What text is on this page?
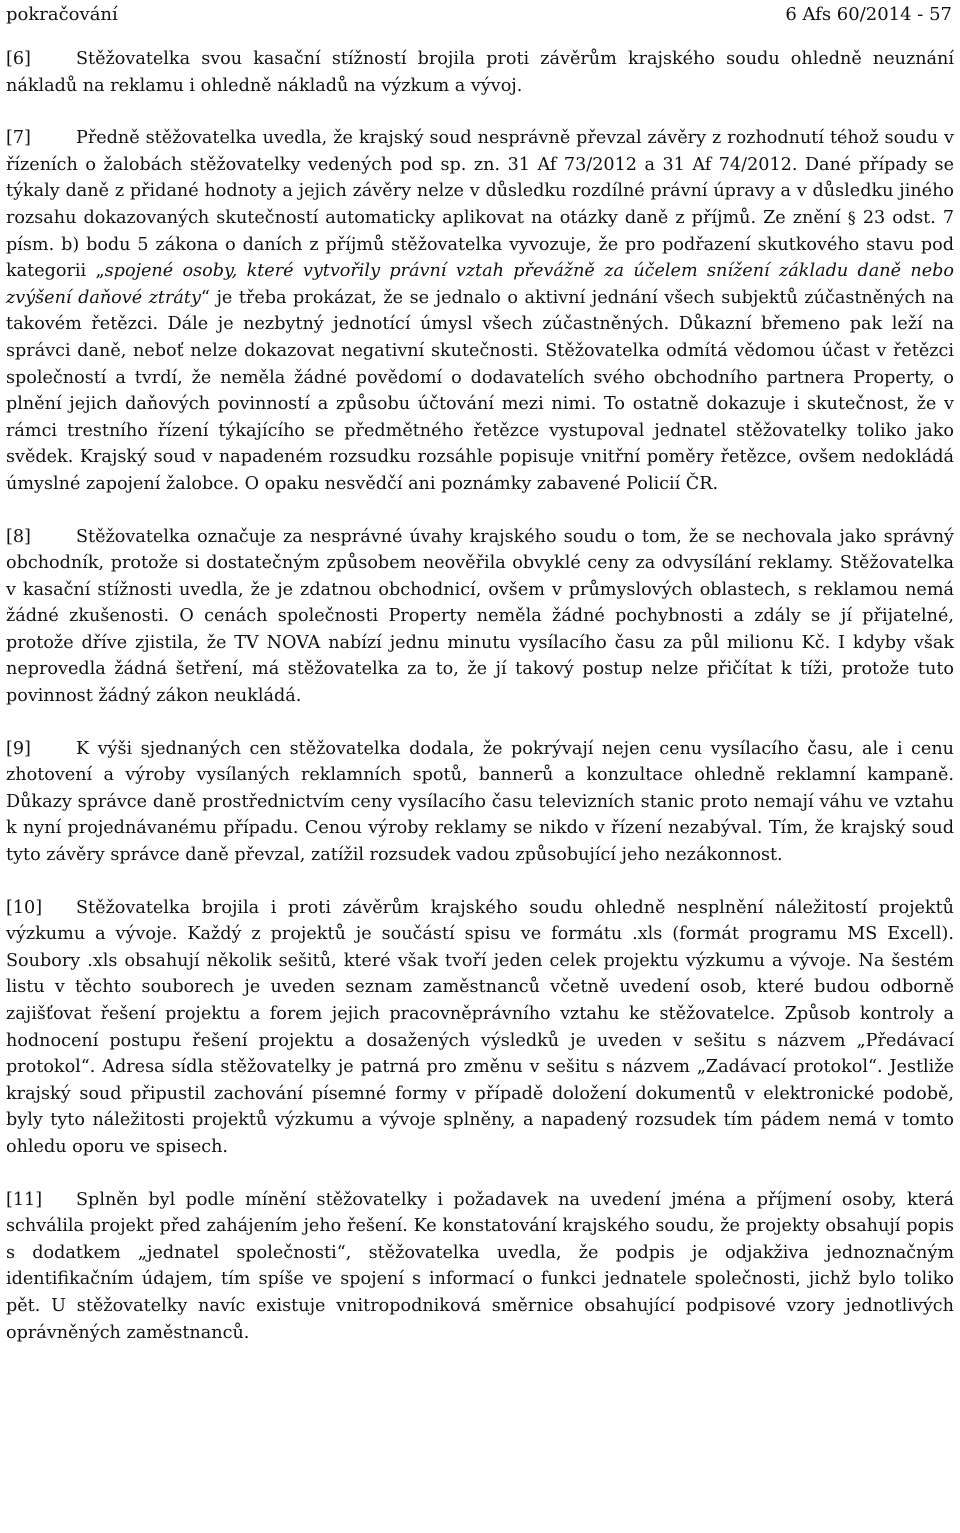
pokračování	6 Afs 60/2014 - 57

[6]	Stěžovatelka svou kasační stížností brojila proti závěrům krajského soudu ohledně neuznání nákladů na reklamu i ohledně nákladů na výzkum a vývoj.

[7]	Předně stěžovatelka uvedla, že krajský soud nesprávně převzal závěry z rozhodnutí téhož soudu v řízeních o žalobách stěžovatelky vedených pod sp. zn. 31 Af 73/2012 a 31 Af 74/2012. Dané případy se týkaly daně z přidané hodnoty a jejich závěry nelze v důsledku rozdílné právní úpravy a v důsledku jiného rozsahu dokazovaných skutečností automaticky aplikovat na otázky daně z příjmů. Ze znění § 23 odst. 7 písm. b) bodu 5 zákona o daních z příjmů stěžovatelka vyvozuje, že pro podřazení skutkového stavu pod kategorii „spojené osoby, které vytvořily právní vztah převážně za účelem snížení základu daně nebo zvýšení daňové ztráty“ je třeba prokázat, že se jednalo o aktivní jednání všech subjektů zúčastněných na takovém řetězci. Dále je nezbytný jednotící úmysl všech zúčastněných. Důkazní břemeno pak leží na správci daně, neboť nelze dokazovat negativní skutečnosti. Stěžovatelka odmítá vědomou účast v řetězci společností a tvrdí, že neměla žádné povědomí o dodavatelích svého obchodního partnera Property, o plnění jejich daňových povinností a způsobu účtování mezi nimi. To ostatně dokazuje i skutečnost, že v rámci trestního řízení týkajícího se předmětného řetězce vystupoval jednatel stěžovatelky toliko jako svědek. Krajský soud v napadeném rozsudku rozsáhle popisuje vnitřní poměry řetězce, ovšem nedokládá úmyslné zapojení žalobce. O opaku nesvědčí ani poznámky zabavené Policií ČR.

[8]	Stěžovatelka označuje za nesprávné úvahy krajského soudu o tom, že se nechovala jako správný obchodník, protože si dostatečným způsobem neověřila obvyklé ceny za odvysílání reklamy. Stěžovatelka v kasační stížnosti uvedla, že je zdatnou obchodnicí, ovšem v průmyslových oblastech, s reklamou nemá žádné zkušenosti. O cenách společnosti Property neměla žádné pochybnosti a zdály se jí přijatelné, protože dříve zjistila, že TV NOVA nabízí jednu minutu vysílacího času za půl milionu Kč. I kdyby však neprovedla žádná šetření, má stěžovatelka za to, že jí takový postup nelze přičítat k tíži, protože tuto povinnost žádný zákon neukládá.

[9]	K výši sjednaných cen stěžovatelka dodala, že pokrývají nejen cenu vysílacího času, ale i cenu zhotovení a výroby vysílaných reklamních spotů, bannerů a konzultace ohledně reklamní kampaně. Důkazy správce daně prostřednictvím ceny vysílacího času televizních stanic proto nemají váhu ve vztahu k nyní projednávanému případu. Cenou výroby reklamy se nikdo v řízení nezabýval. Tím, že krajský soud tyto závěry správce daně převzal, zatížil rozsudek vadou způsobující jeho nezákonnost.

[10] Stěžovatelka brojila i proti závěrům krajského soudu ohledně nesplnění náležitostí projektů výzkumu a vývoje. Každý z projektů je součástí spisu ve formátu .xls (formát programu MS Excell). Soubory .xls obsahují několik sešitů, které však tvoří jeden celek projektu výzkumu a vývoje. Na šestém listu v těchto souborech je uveden seznam zaměstnanců včetně uvedení osob, které budou odborně zajišťovat řešení projektu a forem jejich pracovněprávního vztahu ke stěžovatelce. Způsob kontroly a hodnocení postupu řešení projektu a dosažených výsledků je uveden v sešitu s názvem „Předávací protokol“. Adresa sídla stěžovatelky je patrná pro změnu v sešitu s názvem „Zadávací protokol“. Jestliže krajský soud připustil zachování písemné formy v případě doložení dokumentů v elektronické podobě, byly tyto náležitosti projektů výzkumu a vývoje splněny, a napadený rozsudek tím pádem nemá v tomto ohledu oporu ve spisech.

[11] Splněn byl podle mínění stěžovatelky i požadavek na uvedení jména a příjmení osoby, která schválila projekt před zahájením jeho řešení. Ke konstatování krajského soudu, že projekty obsahují popis s dodatkem „jednatel společnosti“, stěžovatelka uvedla, že podpis je odjakživa jednoznačným identifikačním údajem, tím spíše ve spojení s informací o funkci jednatele společnosti, jichž bylo toliko pět. U stěžovatelky navíc existuje vnitropodniková směrnice obsahující podpisové vzory jednotlivých oprávněných zaměstnanců.
